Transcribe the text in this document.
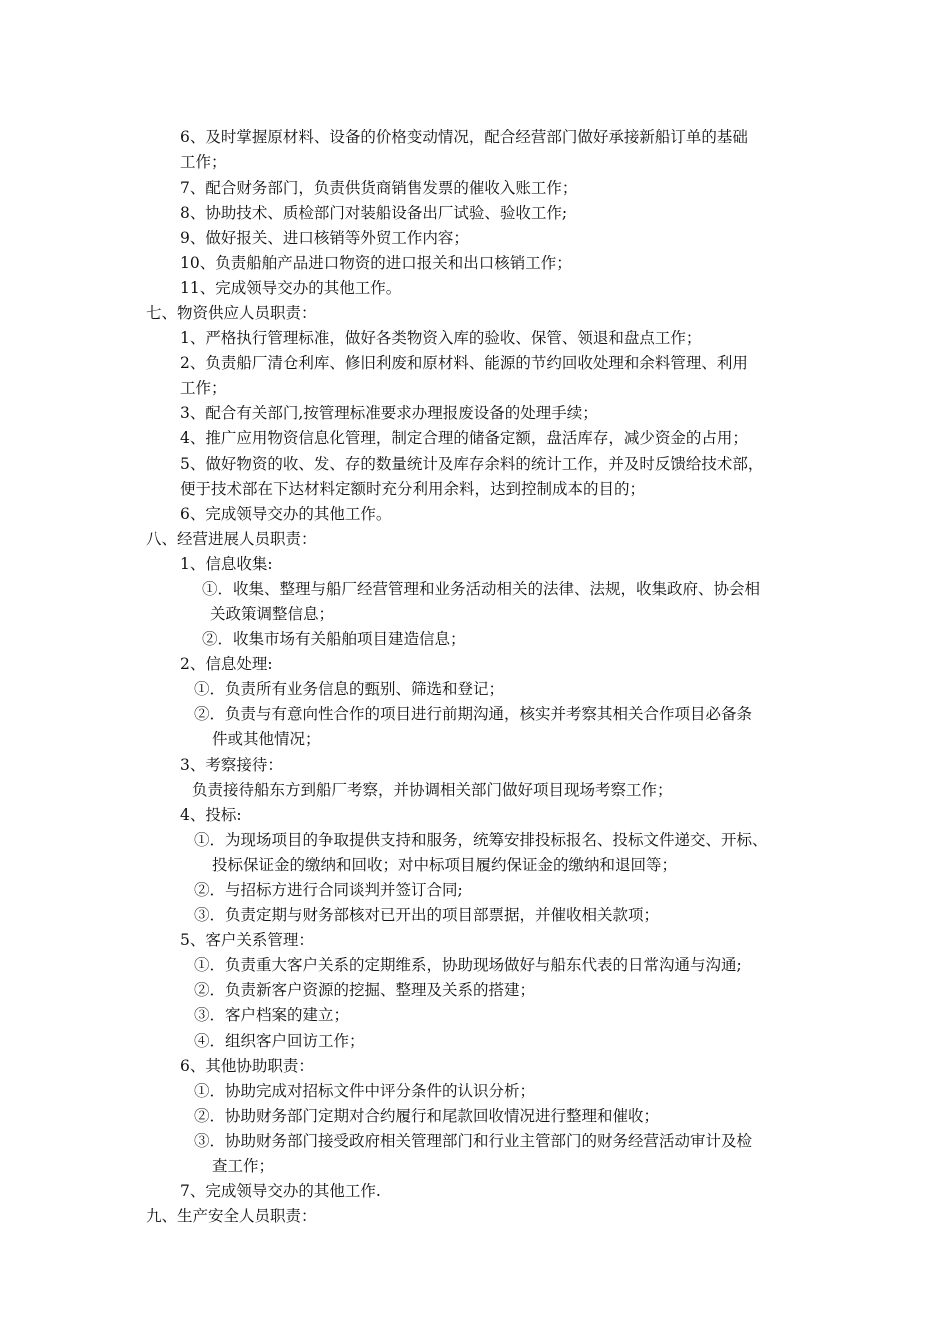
6、及时掌握原材料、设备的价格变动情况，配合经营部门做好承接新船订单的基础
工作；
7、配合财务部门，负责供货商销售发票的催收入账工作；
8、协助技术、质检部门对装船设备出厂试验、验收工作;
9、做好报关、进口核销等外贸工作内容；
10、负责船舶产品进口物资的进口报关和出口核销工作；
11、完成领导交办的其他工作。
七、物资供应人员职责：
1、严格执行管理标准，做好各类物资入库的验收、保管、领退和盘点工作；
2、负责船厂清仓利库、修旧利废和原材料、能源的节约回收处理和余料管理、利用
工作；
3、配合有关部门,按管理标准要求办理报废设备的处理手续；
4、推广应用物资信息化管理，制定合理的储备定额，盘活库存，减少资金的占用；
5、做好物资的收、发、存的数量统计及库存余料的统计工作，并及时反馈给技术部，
便于技术部在下达材料定额时充分利用余料，达到控制成本的目的；
6、完成领导交办的其他工作。
八、经营进展人员职责：
1、信息收集:
①．收集、整理与船厂经营管理和业务活动相关的法律、法规，收集政府、协会相
关政策调整信息；
②．收集市场有关船舶项目建造信息；
2、信息处理:
①．负责所有业务信息的甄别、筛选和登记；
②．负责与有意向性合作的项目进行前期沟通，核实并考察其相关合作项目必备条
件或其他情况；
3、考察接待：
负责接待船东方到船厂考察，并协调相关部门做好项目现场考察工作；
4、投标:
①．为现场项目的争取提供支持和服务，统筹安排投标报名、投标文件递交、开标、
投标保证金的缴纳和回收；对中标项目履约保证金的缴纳和退回等；
②．与招标方进行合同谈判并签订合同;
③．负责定期与财务部核对已开出的项目部票据，并催收相关款项；
5、客户关系管理：
①．负责重大客户关系的定期维系，协助现场做好与船东代表的日常沟通与沟通;
②．负责新客户资源的挖掘、整理及关系的搭建；
③．客户档案的建立；
④．组织客户回访工作；
6、其他协助职责：
①．协助完成对招标文件中评分条件的认识分析；
②．协助财务部门定期对合约履行和尾款回收情况进行整理和催收；
③．协助财务部门接受政府相关管理部门和行业主管部门的财务经营活动审计及检
查工作；
7、完成领导交办的其他工作.
九、生产安全人员职责：
